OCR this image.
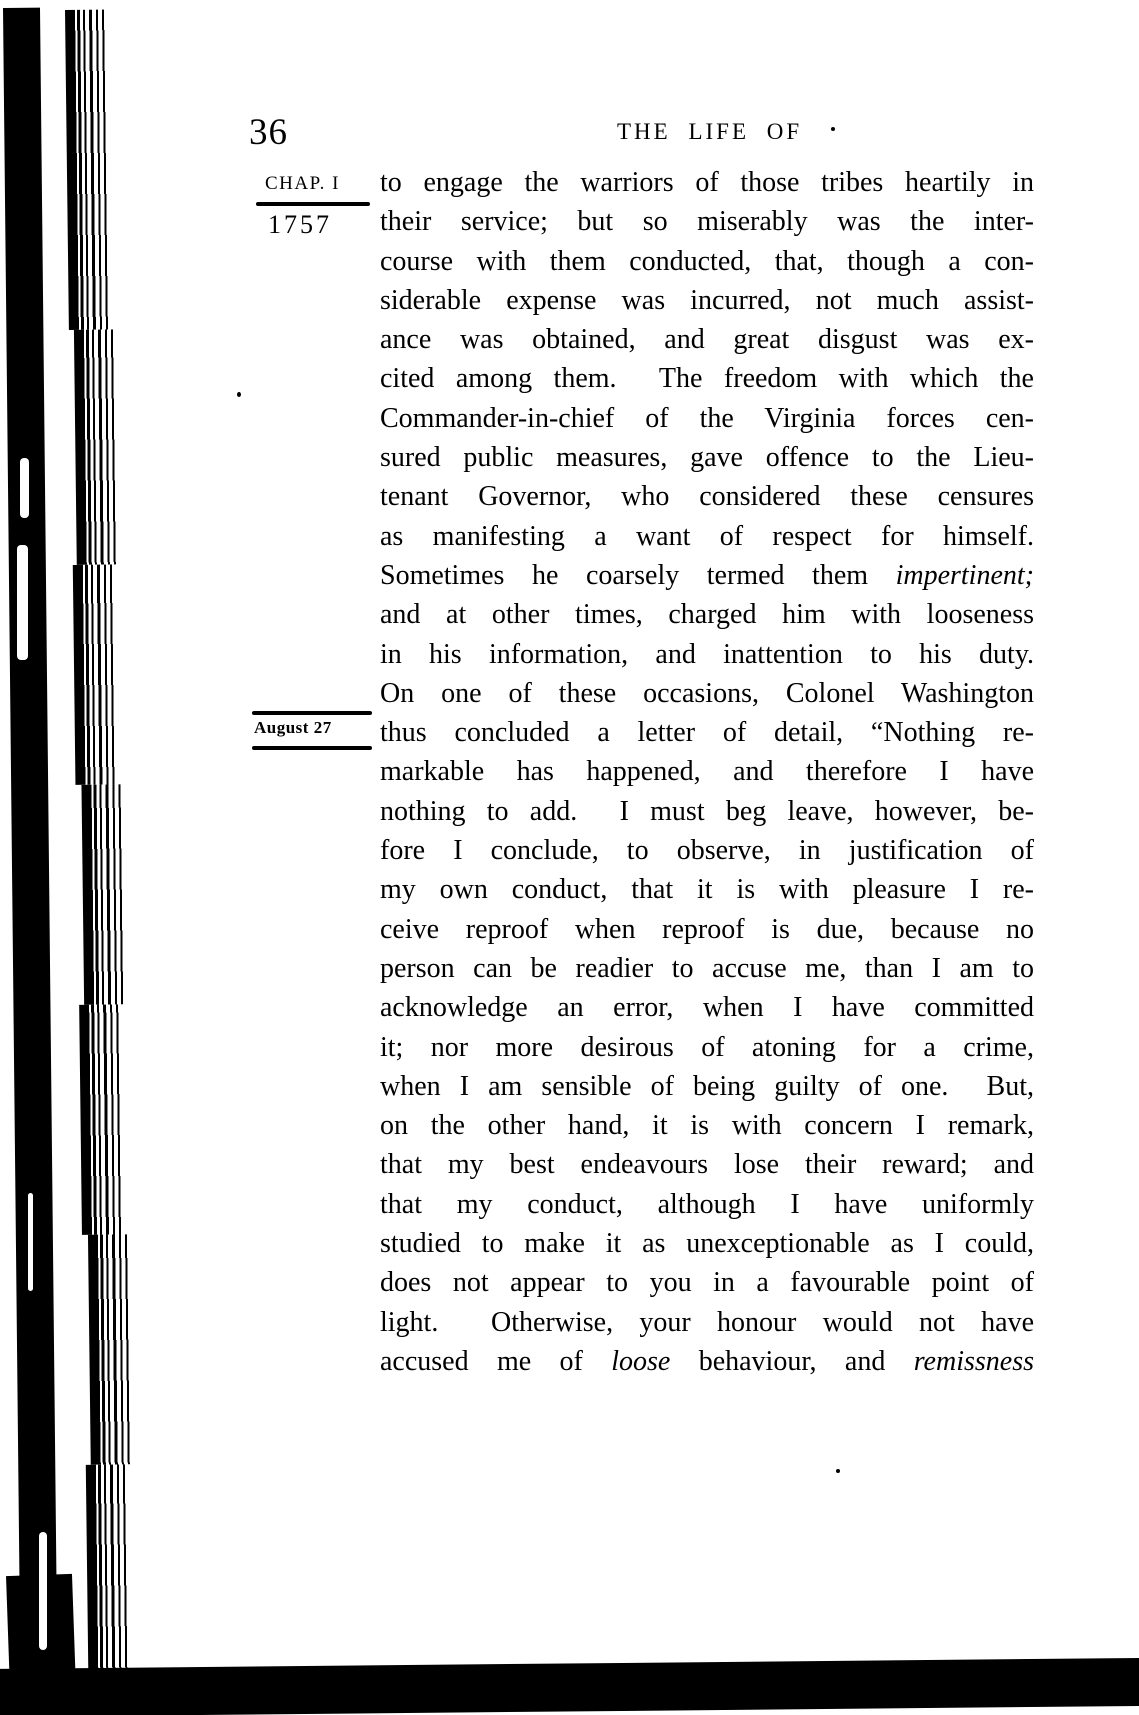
36	THE LIFE OF
CHAP. I
1757
August 27
to engage the warriors of those tribes heartily in
their service; but so miserably was the inter-
course with them conducted, that, though a con-
siderable expense was incurred, not much assist-
ance was obtained, and great disgust was ex-
cited among them.  The freedom with which the
Commander-in-chief of the Virginia forces cen-
sured public measures, gave offence to the Lieu-
tenant Governor, who considered these censures
as manifesting a want of respect for himself.
Sometimes he coarsely termed them impertinent;
and at other times, charged him with looseness
in his information, and inattention to his duty.
On one of these occasions, Colonel Washington
thus concluded a letter of detail, “Nothing re-
markable has happened, and therefore I have
nothing to add.  I must beg leave, however, be-
fore I conclude, to observe, in justification of
my own conduct, that it is with pleasure I re-
ceive reproof when reproof is due, because no
person can be readier to accuse me, than I am to
acknowledge an error, when I have committed
it; nor more desirous of atoning for a crime,
when I am sensible of being guilty of one.  But,
on the other hand, it is with concern I remark,
that my best endeavours lose their reward; and
that my conduct, although I have uniformly
studied to make it as unexceptionable as I could,
does not appear to you in a favourable point of
light.  Otherwise, your honour would not have
accused me of loose behaviour, and remissness
